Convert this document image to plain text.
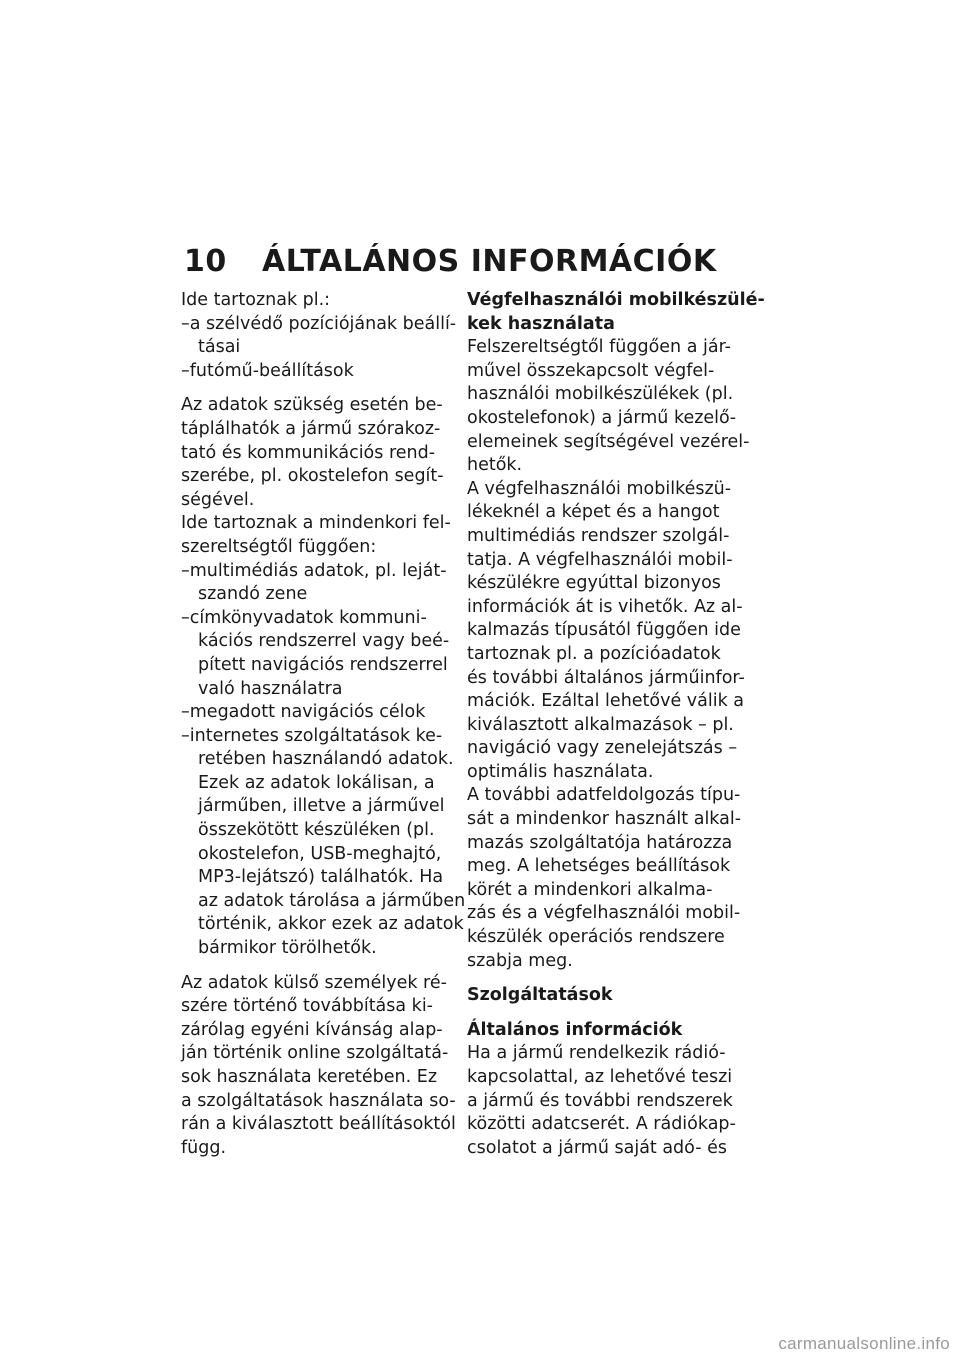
10 ÁLTALÁNOS INFORMÁCIÓK
Ide tartoznak pl.:
–a szélvédő pozíciójának beállí-
tásai
–futómű-beállítások
Az adatok szükség esetén be-
táplálhatók a jármű szórakoz-
tató és kommunikációs rend-
szerébe, pl. okostelefon segít-
ségével.
Ide tartoznak a mindenkori fel-
szereltségtől függően:
–multimédiás adatok, pl. leját-
szandó zene
–címkönyvadatok kommuni-
kációs rendszerrel vagy beé-
pített navigációs rendszerrel
való használatra
–megadott navigációs célok
–internetes szolgáltatások ke-
retében használandó adatok.
Ezek az adatok lokálisan, a
járműben, illetve a járművel
összekötött készüléken (pl.
okostelefon, USB-meghajtó,
MP3-lejátszó) találhatók. Ha
az adatok tárolása a járműben
történik, akkor ezek az adatok
bármikor törölhetők.
Az adatok külső személyek ré-
szére történő továbbítása ki-
zárólag egyéni kívánság alap-
ján történik online szolgáltatá-
sok használata keretében. Ez
a szolgáltatások használata so-
rán a kiválasztott beállításoktól
függ.
Végfelhasználói mobilkészülé-
kek használata
Felszereltségtől függően a jár-
művel összekapcsolt végfel-
használói mobilkészülékek (pl.
okostelefonok) a jármű kezelő-
elemeinek segítségével vezérel-
hetők.
A végfelhasználói mobilkészü-
lékeknél a képet és a hangot
multimédiás rendszer szolgál-
tatja. A végfelhasználói mobil-
készülékre egyúttal bizonyos
információk át is vihetők. Az al-
kalmazás típusától függően ide
tartoznak pl. a pozícióadatok
és további általános járműinfor-
mációk. Ezáltal lehetővé válik a
kiválasztott alkalmazások – pl.
navigáció vagy zenelejátszás –
optimális használata.
A további adatfeldolgozás típu-
sát a mindenkor használt alkal-
mazás szolgáltatója határozza
meg. A lehetséges beállítások
körét a mindenkori alkalma-
zás és a végfelhasználói mobil-
készülék operációs rendszere
szabja meg.
Szolgáltatások
Általános információk
Ha a jármű rendelkezik rádió-
kapcsolattal, az lehetővé teszi
a jármű és további rendszerek
közötti adatcserét. A rádiókap-
csolatot a jármű saját adó- és
carmanualsonline.info
